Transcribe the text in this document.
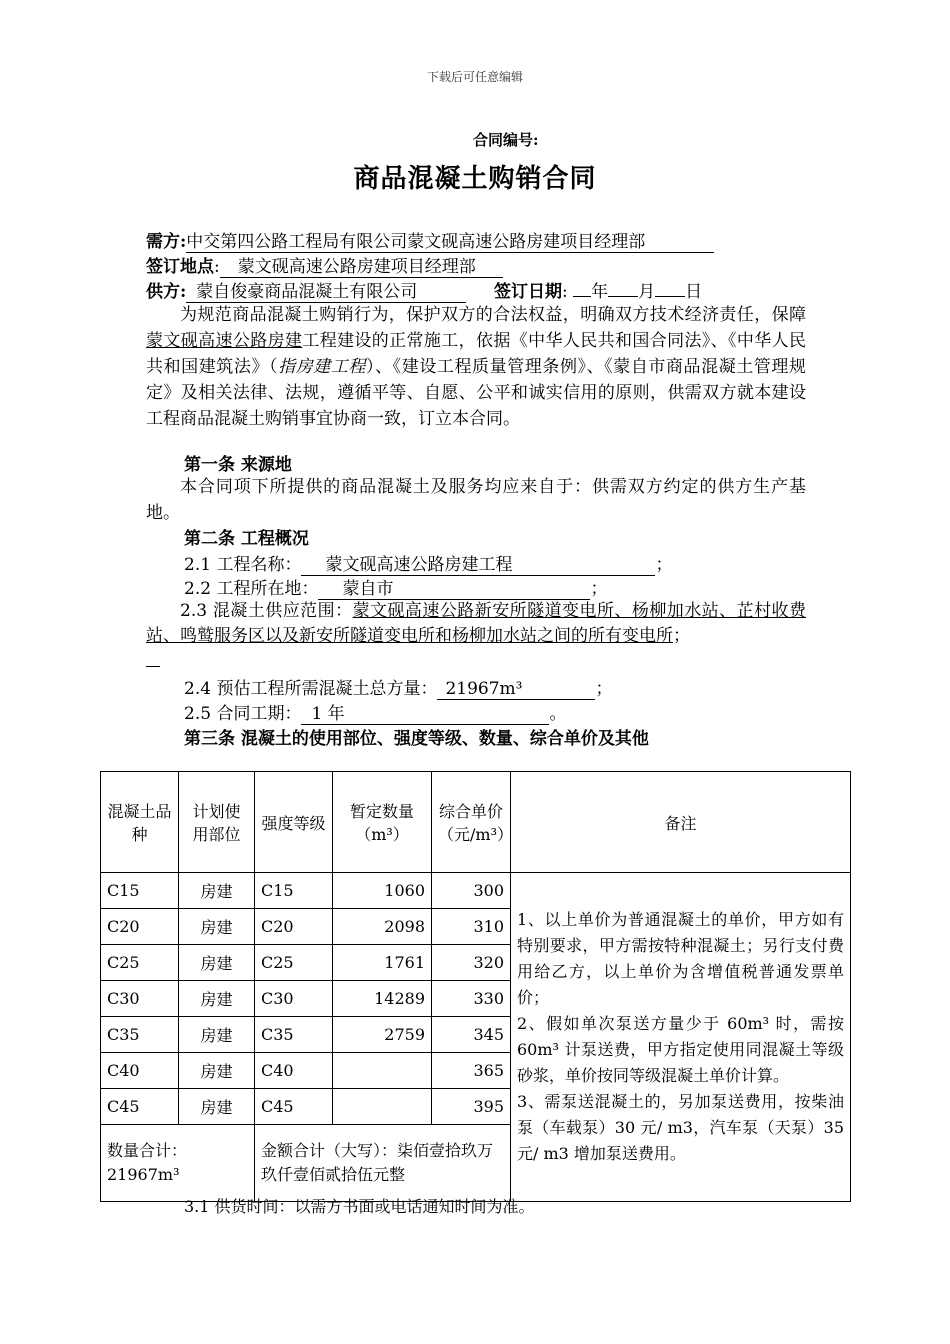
下载后可任意编辑
合同编号:
商品混凝土购销合同
需方:中交第四公路工程局有限公司蒙文砚高速公路房建项目经理部
签订地点: 蒙文砚高速公路房建项目经理部
供方: 蒙自俊豪商品混凝土有限公司	签订日期: 年 月 日
为规范商品混凝土购销行为，保护双方的合法权益，明确双方技术经济责任，保障蒙文砚高速公路房建工程建设的正常施工，依据《中华人民共和国合同法》、《中华人民共和国建筑法》（指房建工程）、《建设工程质量管理条例》、《蒙自市商品混凝土管理规定》及相关法律、法规，遵循平等、自愿、公平和诚实信用的原则，供需双方就本建设工程商品混凝土购销事宜协商一致，订立本合同。
第一条 来源地
本合同项下所提供的商品混凝土及服务均应来自于：供需双方约定的供方生产基地。
第二条 工程概况
2.1 工程名称： 蒙文砚高速公路房建工程	；
2.2 工程所在地： 蒙自市	；
2.3 混凝土供应范围：蒙文砚高速公路新安所隧道变电所、杨柳加水站、芷村收费站、鸣鹫服务区以及新安所隧道变电所和杨柳加水站之间的所有变电所；
2.4 预估工程所需混凝土总方量： 21967m³	；
2.5 合同工期： 1 年	。
第三条 混凝土的使用部位、强度等级、数量、综合单价及其他
混凝土品种	计划使用部位	强度等级	暂定数量（m³）	综合单价（元/m³）	备注
C15	房建	C15	1060	300	1、以上单价为普通混凝土的单价，甲方如有特别要求，甲方需按特种混凝土；另行支付费用给乙方，以上单价为含增值税普通发票单价；
2、假如单次泵送方量少于 60m³ 时，需按 60m³ 计泵送费，甲方指定使用同混凝土等级砂浆，单价按同等级混凝土单价计算。
3、需泵送混凝土的，另加泵送费用，按柴油泵（车载泵）30 元/ m3，汽车泵（天泵）35 元/ m3 增加泵送费用。

C20	房建	C20	2098	310	
C25	房建	C25	1761	320	
C30	房建	C30	14289	330	
C35	房建	C35	2759	345	
C40	房建	C40		365	
C45	房建	C45		395	

数量合计：
21967m³		金额合计（大写）：柒佰壹拾玖万玖仟壹佰贰拾伍元整			
3.1 供货时间：以需方书面或电话通知时间为准。
